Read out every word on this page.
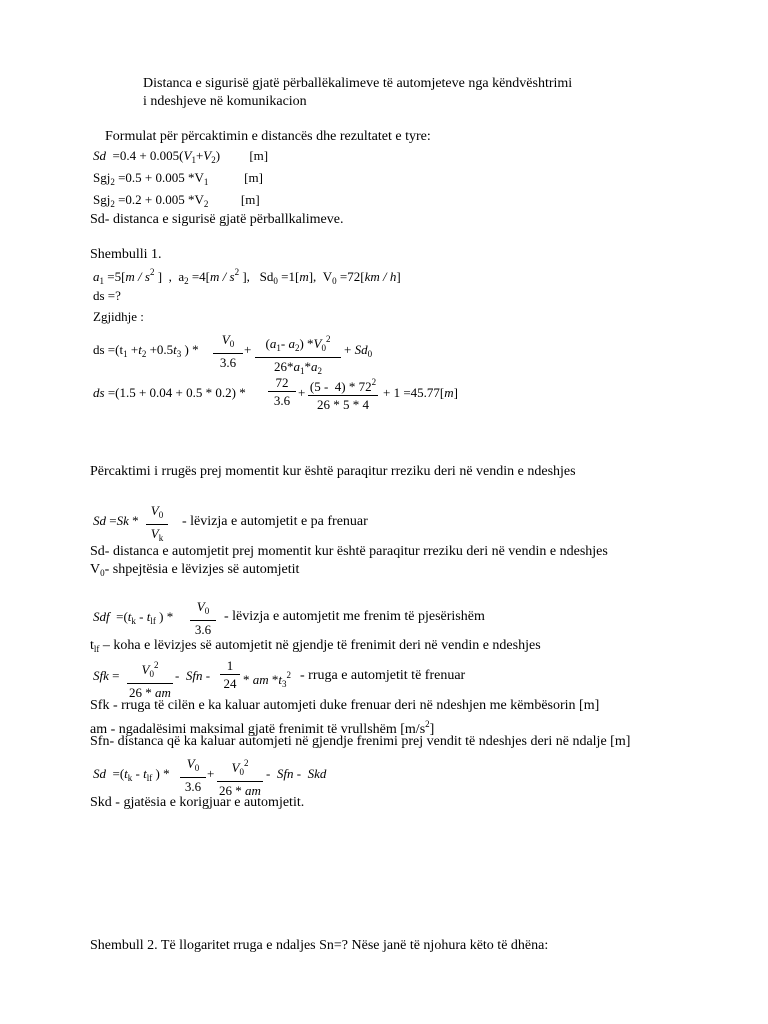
Distanca e sigurisë gjatë përballëkalimeve të automjeteve nga këndvështrimi
i ndeshjeve në komunikacion
Formulat për përcaktimin e distancës dhe rezultatet e tyre:
$Sd =0.4 + 0.005(V_1+V_2)$         [m]
Sgj$_2$ =0.5 + 0.005 $*V_1$           [m]
Sgj$_2$ =0.2 + 0.005 $*V_2$          [m]
Sd- distanca e sigurisë gjatë përballkalimeve.
Shembulli 1.
$a_1 =5[m / s^2$ ]  ,  $a_2 =4[m / s^2$ ],   $Sd_0 =1[m]$,  $V_0 =72[km / h]$
ds =?
Zgjidhje :
ds $=(t_1 +t_2 +0.5t_3$ ) *
$V_0$
3.6
+	($a_1-$ $a_2$) $*V_0^2$
$26*a_1*a_2$
+ $Sd_0$
ds =(1.5 + 0.04 + 0.5 * 0.2) *
72
3.6
+ $(5 - 4) * 72^2$
26 * 5 * 4
+ 1 =45.77[m]
Përcaktimi i rrugës prej momentit kur është paraqitur rreziku deri në vendin e ndeshjes
Sd =Sk *
$V_0$
$V_k$
- lëvizja e automjetit e pa frenuar
Sd- distanca e automjetit prej momentit kur është paraqitur rreziku deri në vendin e ndeshjes
$V_0-$ shpejtësia e lëvizjes së automjetit
Sdf  $=(t_k - t_{lf}$ ) *
$V_0$
3.6
- lëvizja e automjetit me frenim të pjesërishëm
$t_{lf}$ – koha e lëvizjes së automjetit në gjendje të frenimit deri në vendin e ndeshjes
Sfk =	$V_0^2$
26 * am
-  Sfn -
1
24 * am $*t_3^2$ - rruga e automjetit të frenuar
Sfk - rruga të cilën e ka kaluar automjeti duke frenuar deri në ndeshjen me këmbësorin [m]
am - ngadalësimi maksimal gjatë frenimit të vrullshëm $[m/s^2]$
Sfn- distanca që ka kaluar automjeti në gjendje frenimi prej vendit të ndeshjes deri në ndalje [m]
$Sd =(t_k - t_{lf}$ ) *
$V_0$
3.6
+	$V_0^2$
26 * am
-  Sfn -  Skd
Skd - gjatësia e korigjuar e automjetit.
Shembull 2. Të llogaritet rruga e ndaljes Sn=? Nëse janë të njohura këto të dhëna:
